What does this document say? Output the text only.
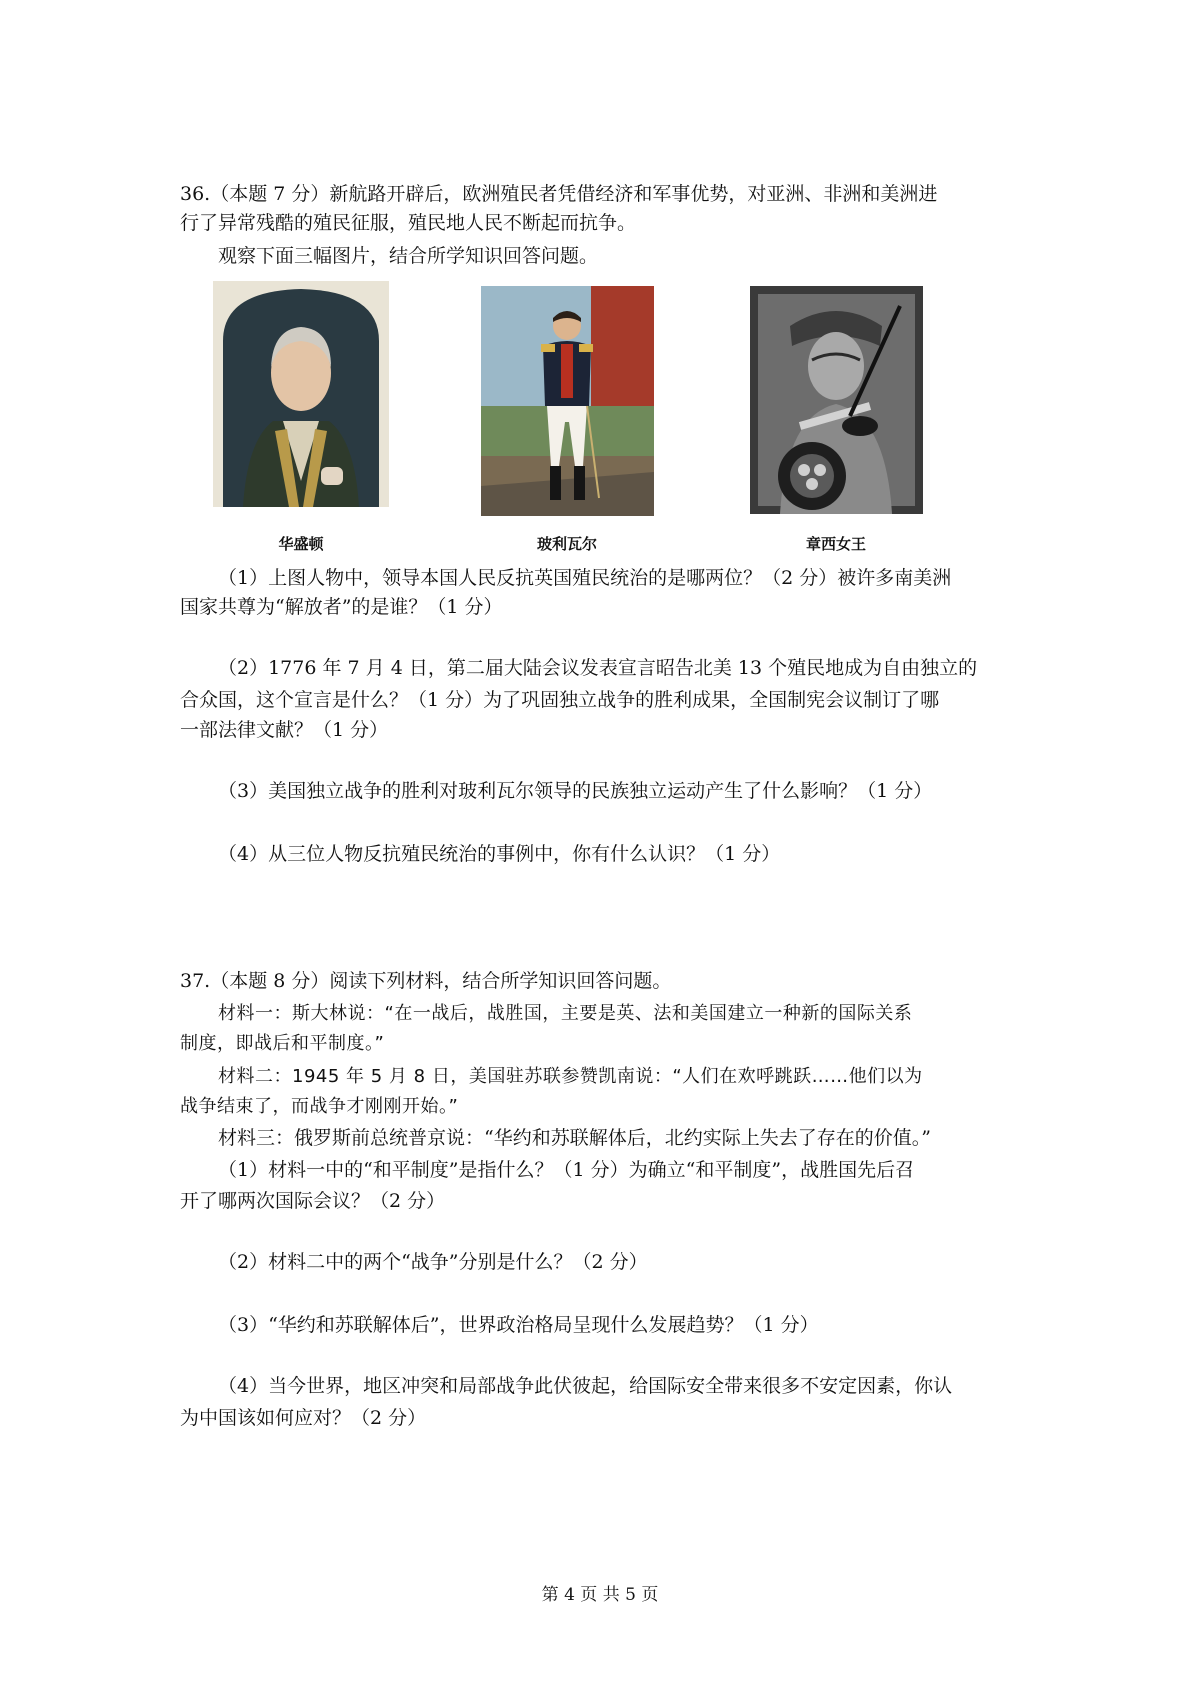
36.（本题 7 分）新航路开辟后，欧洲殖民者凭借经济和军事优势，对亚洲、非洲和美洲进
行了异常残酷的殖民征服，殖民地人民不断起而抗争。
观察下面三幅图片，结合所学知识回答问题。
华盛顿	玻利瓦尔	章西女王
（1）上图人物中，领导本国人民反抗英国殖民统治的是哪两位？（2 分）被许多南美洲
国家共尊为“解放者”的是谁？（1 分）
（2）1776 年 7 月 4 日，第二届大陆会议发表宣言昭告北美 13 个殖民地成为自由独立的
合众国，这个宣言是什么？（1 分）为了巩固独立战争的胜利成果，全国制宪会议制订了哪
一部法律文献？（1 分）
（3）美国独立战争的胜利对玻利瓦尔领导的民族独立运动产生了什么影响？（1 分）
（4）从三位人物反抗殖民统治的事例中，你有什么认识？（1 分）
37.（本题 8 分）阅读下列材料，结合所学知识回答问题。
材料一：斯大林说：“在一战后，战胜国，主要是英、法和美国建立一种新的国际关系
制度，即战后和平制度。”
材料二：1945 年 5 月 8 日，美国驻苏联参赞凯南说：“人们在欢呼跳跃……他们以为
战争结束了，而战争才刚刚开始。”
材料三：俄罗斯前总统普京说：“华约和苏联解体后，北约实际上失去了存在的价值。”
（1）材料一中的“和平制度”是指什么？（1 分）为确立“和平制度”，战胜国先后召
开了哪两次国际会议？（2 分）
（2）材料二中的两个“战争”分别是什么？（2 分）
（3）“华约和苏联解体后”，世界政治格局呈现什么发展趋势？（1 分）
（4）当今世界，地区冲突和局部战争此伏彼起，给国际安全带来很多不安定因素，你认
为中国该如何应对？（2 分）
第 4 页 共 5 页
